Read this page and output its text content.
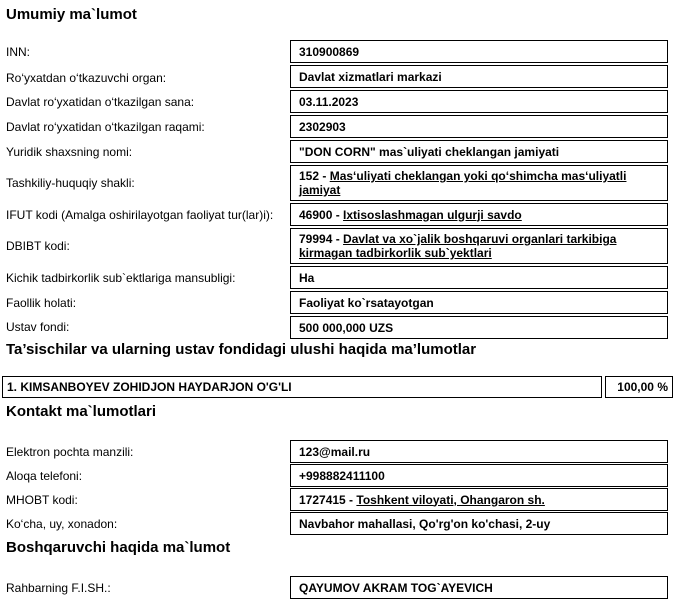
Umumiy ma`lumot
INN:	310900869
Ro‘yxatdan o‘tkazuvchi organ:	Davlat xizmatlari markazi
Davlat ro‘yxatidan o‘tkazilgan sana:	03.11.2023
Davlat ro‘yxatidan o‘tkazilgan raqami:	2302903
Yuridik shaxsning nomi:	"DON CORN" mas`uliyati cheklangan jamiyati
Tashkiliy-huquqiy shakli:	152 - Mas‘uliyati cheklangan yoki qo‘shimcha mas‘uliyatli jamiyat
IFUT kodi (Amalga oshirilayotgan faoliyat tur(lar)i): 46900 - Ixtisoslashmagan ulgurji savdo
DBIBT kodi:	79994 - Davlat va xo`jalik boshqaruvi organlari tarkibiga kirmagan tadbirkorlik sub`yektlari
Kichik tadbirkorlik sub`ektlariga mansubligi:	Ha
Faollik holati:	Faoliyat ko`rsatayotgan
Ustav fondi:	500 000,000 UZS
Ta’sischilar va ularning ustav fondidagi ulushi haqida ma’lumotlar
1. KIMSANBOYEV ZOHIDJON HAYDARJON O'G'LI	100,00 %
Kontakt ma`lumotlari
Elektron pochta manzili:	123@mail.ru
Aloqa telefoni:	+998882411100
MHOBT kodi:	1727415 - Toshkent viloyati, Ohangaron sh.
Ko‘cha, uy, xonadon:	Navbahor mahallasi, Qo'rg'on ko'chasi, 2-uy
Boshqaruvchi haqida ma`lumot
Rahbarning F.I.SH.:	QAYUMOV AKRAM TOG`AYEVICH
